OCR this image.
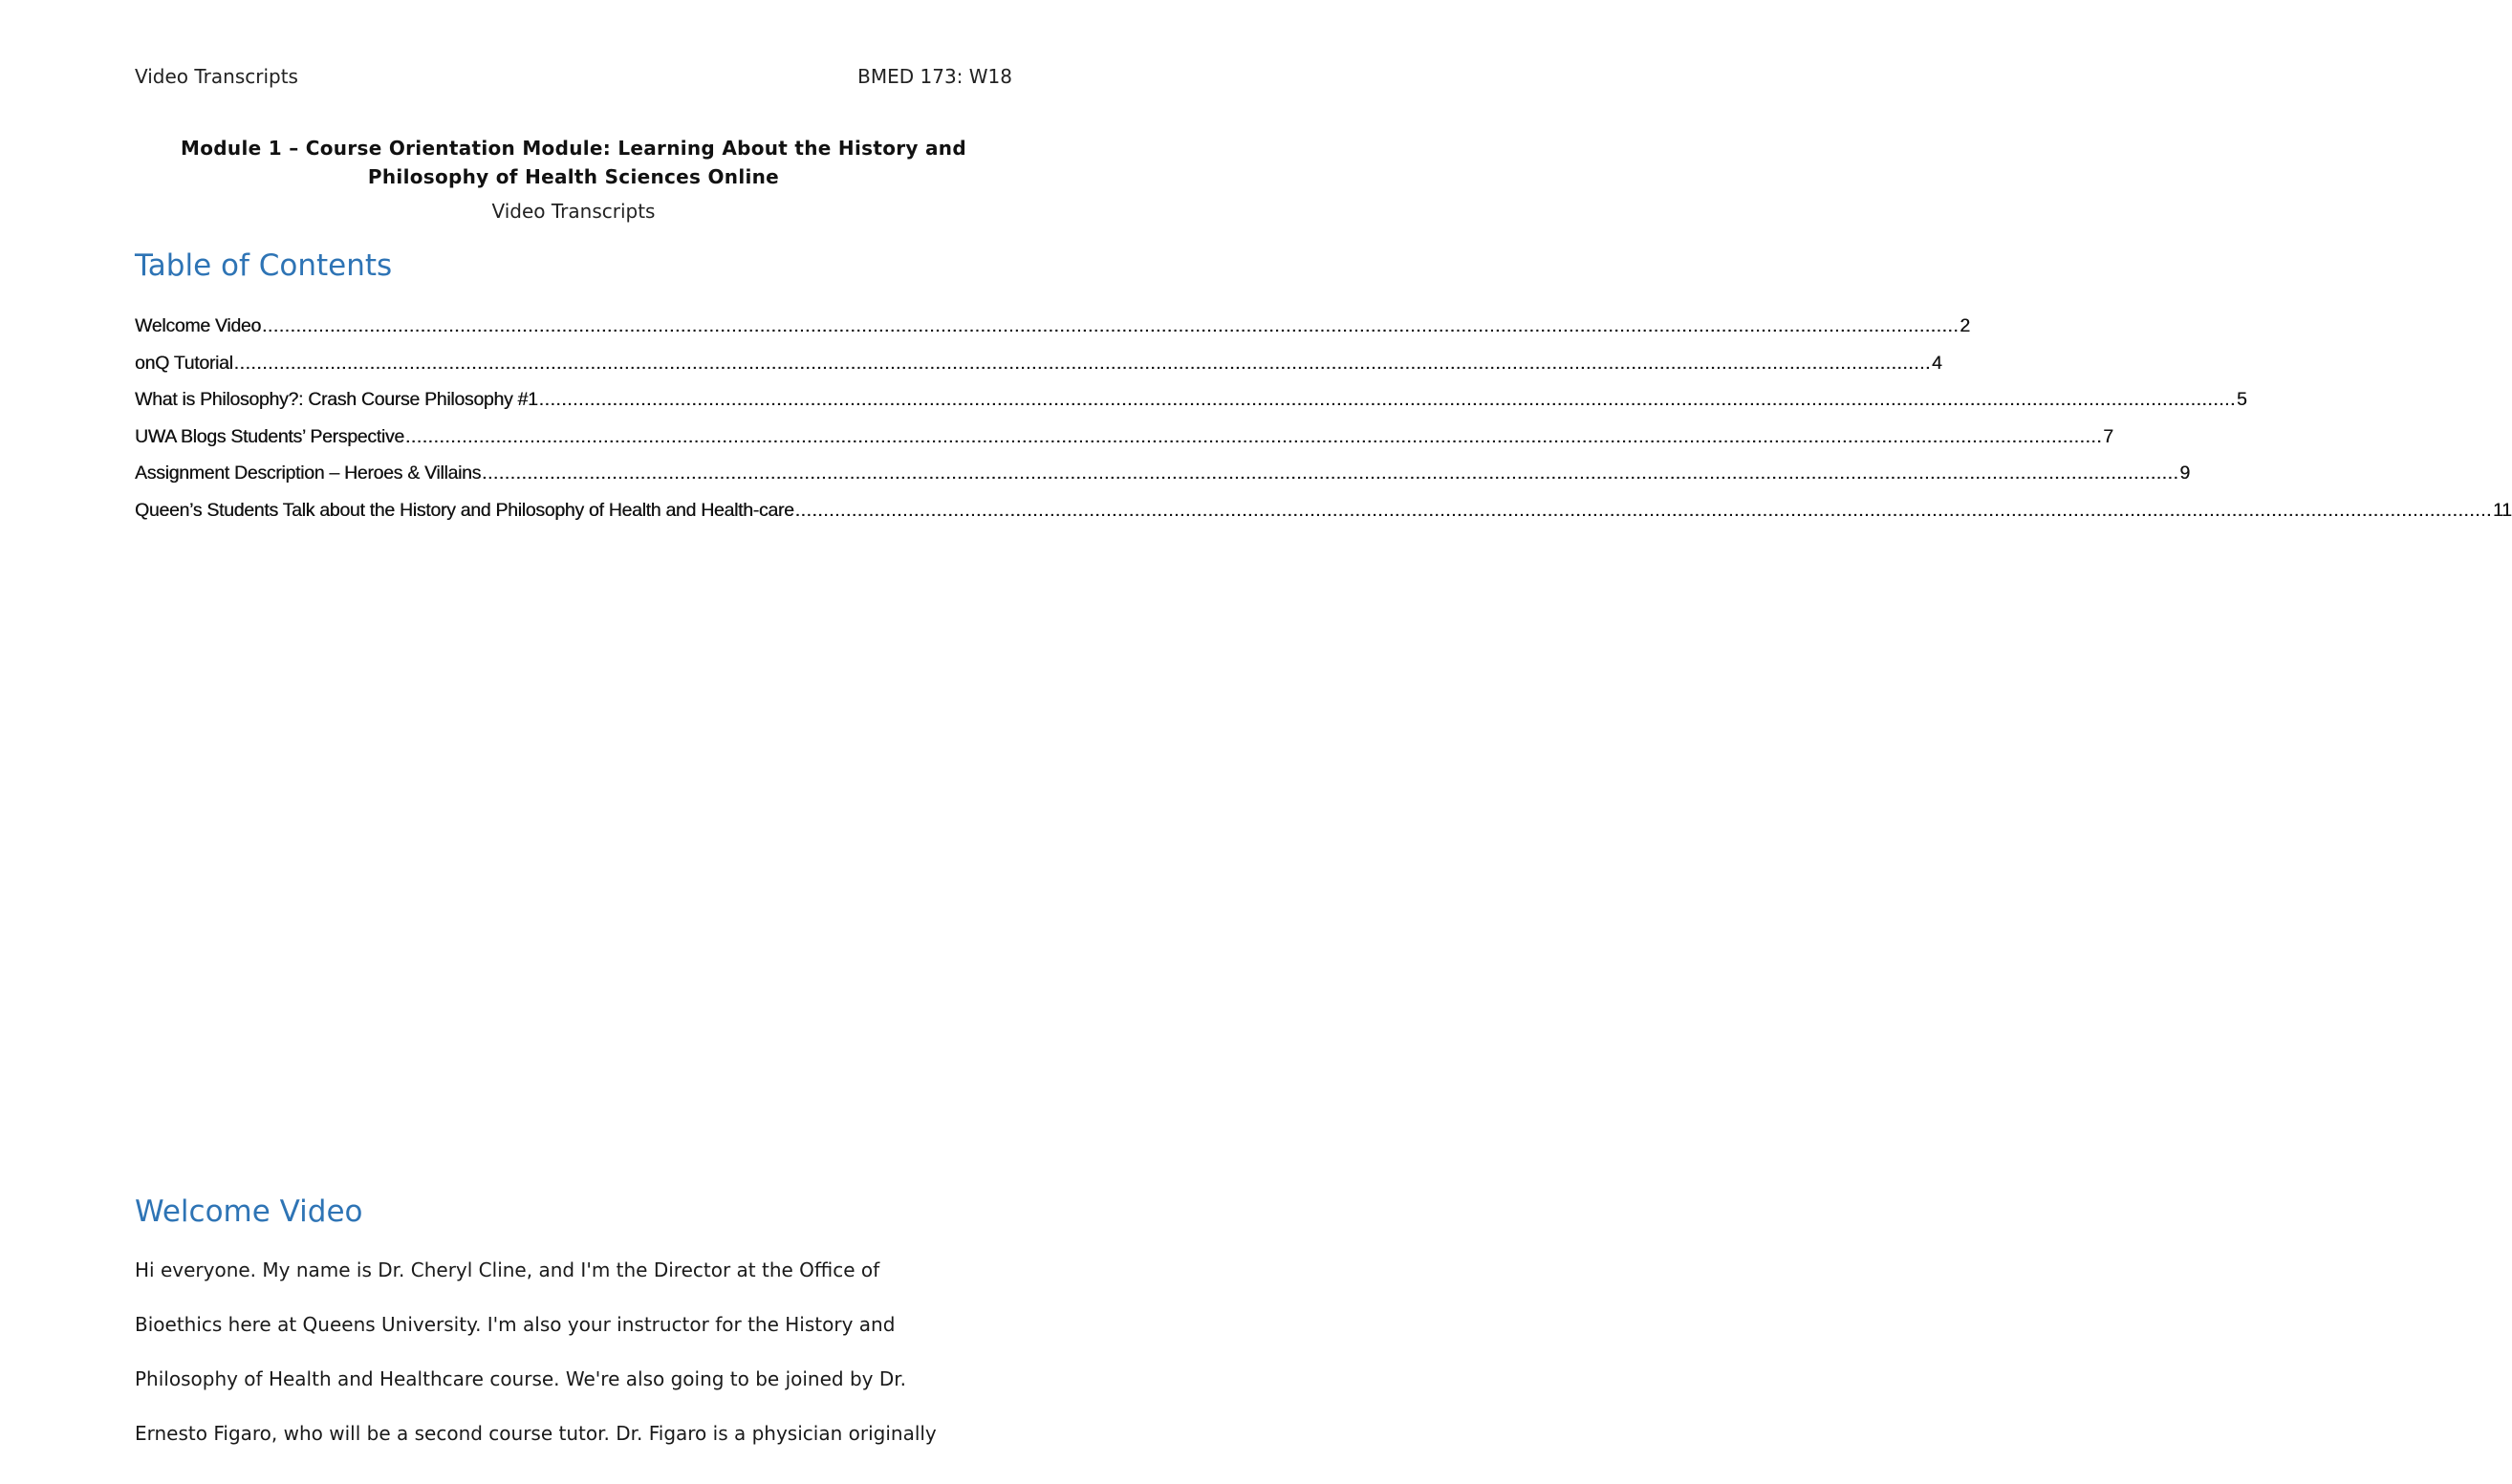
Video Transcripts	BMED 173: W18
Module 1 – Course Orientation Module: Learning About the History and
Philosophy of Health Sciences Online
Video Transcripts
Table of Contents
Welcome Video ............................................................................................................................................................................................................................................................................................................ 2
onQ Tutorial ............................................................................................................................................................................................................................................................................................................ 4
What is Philosophy?: Crash Course Philosophy #1 ............................................................................................................................................................................................................................................................................................................ 5
UWA Blogs Students’ Perspective ............................................................................................................................................................................................................................................................................................................ 7
Assignment Description – Heroes & Villains ............................................................................................................................................................................................................................................................................................................ 9
Queen’s Students Talk about the History and Philosophy of Health and Health-care ............................................................................................................................................................................................................................................................................................................ 11
Welcome Video

Hi everyone. My name is Dr. Cheryl Cline, and I'm the Director at the Office of

Bioethics here at Queens University. I'm also your instructor for the History and

Philosophy of Health and Healthcare course. We're also going to be joined by Dr.

Ernesto Figaro, who will be a second course tutor. Dr. Figaro is a physician originally
